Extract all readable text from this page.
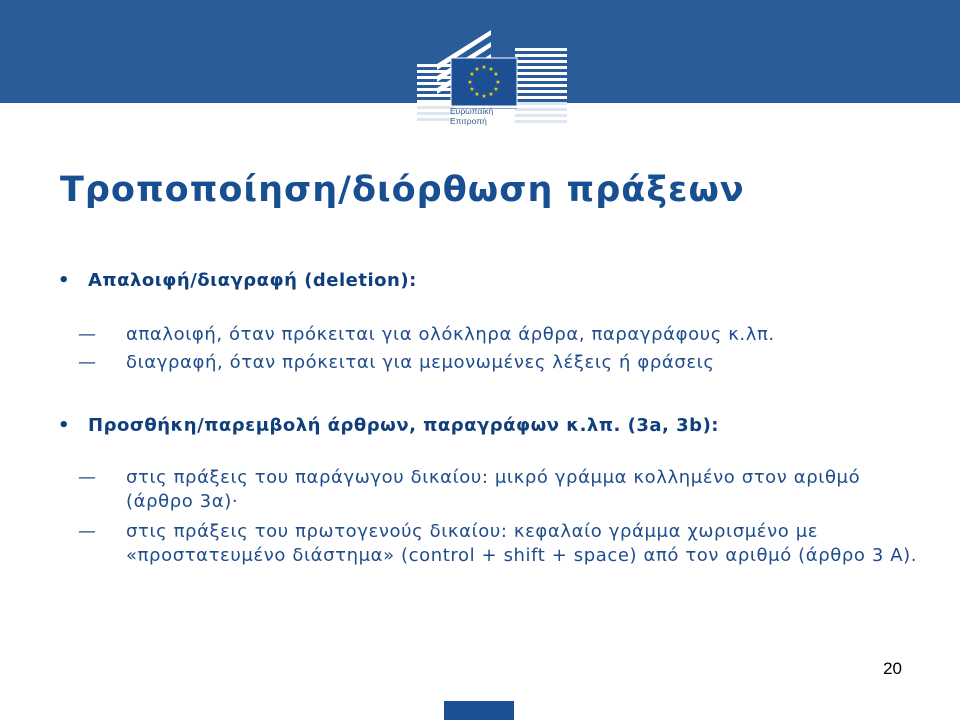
★ ★
★
★
★
★
★
★
★
★
★
★
Ευρωπαϊκή
Επιτροπή
Τροποποίηση/διόρθωση πράξεων
• Απαλοιφή/διαγραφή (deletion):
— απαλοιφή, όταν πρόκειται για ολόκληρα άρθρα, παραγράφους κ.λπ.
— διαγραφή, όταν πρόκειται για μεμονωμένες λέξεις ή φράσεις
• Προσθήκη/παρεμβολή άρθρων, παραγράφων κ.λπ. (3a, 3b):
— στις πράξεις του παράγωγου δικαίου: μικρό γράμμα κολλημένο στον αριθμό (άρθρο 3α)·
— στις πράξεις του πρωτογενούς δικαίου: κεφαλαίο γράμμα χωρισμένο με «προστατευμένο διάστημα» (control + shift + space) από τον αριθμό (άρθρο 3 Α).
20
